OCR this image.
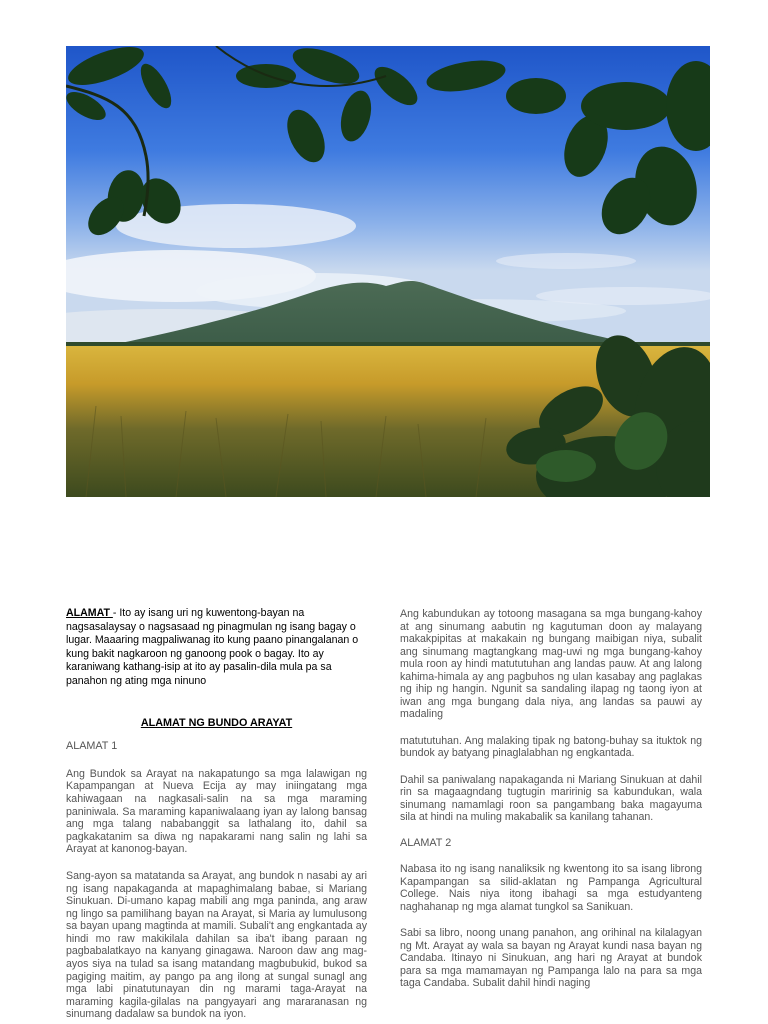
ALAMAT - Ito ay isang uri ng kuwentong-bayan na nagsasalaysay o nagsasaad ng pinagmulan ng isang bagay o lugar. Maaaring magpaliwanag ito kung paano pinangalanan o kung bakit nagkaroon ng ganoong pook o bagay. Ito ay karaniwang kathang-isip at ito ay pasalin-dila mula pa sa panahon ng ating mga ninuno

ALAMAT NG BUNDO ARAYAT

ALAMAT 1

Ang Bundok sa Arayat na nakapatungo sa mga lalawigan ng Kapampangan at Nueva Ecija ay may iniingatang mga kahiwagaan na nagkasali-salin na sa mga maraming paniniwala. Sa maraming kapaniwalaang iyan ay lalong bansag ang mga talang nababanggit sa lathalang ito, dahil sa pagkakatanim sa diwa ng napakarami nang salin ng lahi sa Arayat at kanonog-bayan.

Sang-ayon sa matatanda sa Arayat, ang bundok n nasabi ay ari ng isang napakaganda at mapaghimalang babae, si Mariang Sinukuan. Di-umano kapag mabili ang mga paninda, ang araw ng lingo sa pamilihang bayan na Arayat, si Maria ay lumulusong sa bayan upang magtinda at mamili. Subali't ang engkantada ay hindi mo raw makikilala dahilan sa iba't ibang paraan ng pagbabalatkayo na kanyang ginagawa. Naroon daw ang mag-ayos siya na tulad sa isang matandang magbubukid, bukod sa pagiging maitim, ay pango pa ang ilong at sungal sunagl ang mga labi pinatutunayan din ng marami taga-Arayat na maraming kagila-gilalas na pangyayari ang mararanasan ng sinumang dadalaw sa bundok na iyon.

Ang kabundukan ay totoong masagana sa mga bungang-kahoy at ang sinumang aabutin ng kagutuman doon ay malayang makakpipitas at makakain ng bungang maibigan niya, subalit ang sinumang magtangkang mag-uwi ng mga bungang-kahoy mula roon ay hindi matututuhan ang landas pauw. At ang lalong kahima-himala ay ang pagbuhos ng ulan kasabay ang paglakas ng ihip ng hangin. Ngunit sa sandaling ilapag ng taong iyon at iwan ang mga bungang dala niya, ang landas sa pauwi ay madaling

matututuhan. Ang malaking tipak ng batong-buhay sa ituktok ng bundok ay batyang pinaglalabhan ng engkantada.

Dahil sa paniwalang napakaganda ni Mariang Sinukuan at dahil rin sa magaagndang tugtugin maririnig sa kabundukan, wala sinumang namamlagi roon sa pangambang baka magayuma sila at hindi na muling makabalik sa kanilang tahanan.

ALAMAT 2

Nabasa ito ng isang nanaliksik ng kwentong ito sa isang librong Kapampangan sa silid-aklatan ng Pampanga Agricultural College. Nais niya itong ibahagi sa mga estudyanteng naghahanap ng mga alamat tungkol sa Sanikuan.

Sabi sa libro, noong unang panahon, ang orihinal na kilalagyan ng Mt. Arayat ay wala sa bayan ng Arayat kundi nasa bayan ng Candaba. Itinayo ni Sinukuan, ang hari ng Arayat at bundok para sa mga mamamayan ng Pampanga lalo na para sa mga taga Candaba. Subalit dahil hindi naging
